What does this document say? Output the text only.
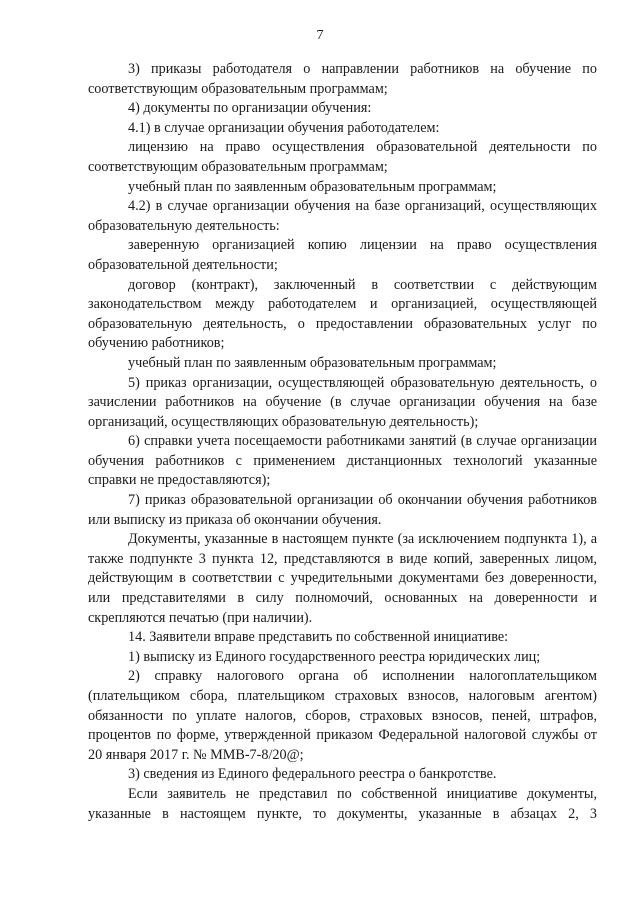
7

3) приказы работодателя о направлении работников на обучение по соответствующим образовательным программам;

4) документы по организации обучения:

4.1) в случае организации обучения работодателем:

лицензию на право осуществления образовательной деятельности по соответствующим образовательным программам;

учебный план по заявленным образовательным программам;

4.2) в случае организации обучения на базе организаций, осуществляющих образовательную деятельность:

заверенную организацией копию лицензии на право осуществления образовательной деятельности;

договор (контракт), заключенный в соответствии с действующим законодательством между работодателем и организацией, осуществляющей образовательную деятельность, о предоставлении образовательных услуг по обучению работников;

учебный план по заявленным образовательным программам;

5) приказ организации, осуществляющей образовательную деятельность, о зачислении работников на обучение (в случае организации обучения на базе организаций, осуществляющих образовательную деятельность);

6) справки учета посещаемости работниками занятий (в случае организации обучения работников с применением дистанционных технологий указанные справки не предоставляются);

7) приказ образовательной организации об окончании обучения работников или выписку из приказа об окончании обучения.

Документы, указанные в настоящем пункте (за исключением подпункта 1), а также подпункте 3 пункта 12, представляются в виде копий, заверенных лицом, действующим в соответствии с учредительными документами без доверенности, или представителями в силу полномочий, основанных на доверенности и скрепляются печатью (при наличии).

14. Заявители вправе представить по собственной инициативе:

1) выписку из Единого государственного реестра юридических лиц;

2) справку налогового органа об исполнении налогоплательщиком (плательщиком сбора, плательщиком страховых взносов, налоговым агентом) обязанности по уплате налогов, сборов, страховых взносов, пеней, штрафов, процентов по форме, утвержденной приказом Федеральной налоговой службы от 20 января 2017 г. № ММВ-7-8/20@;

3) сведения из Единого федерального реестра о банкротстве.

Если заявитель не представил по собственной инициативе документы, указанные в настоящем пункте, то документы, указанные в абзацах 2, 3
